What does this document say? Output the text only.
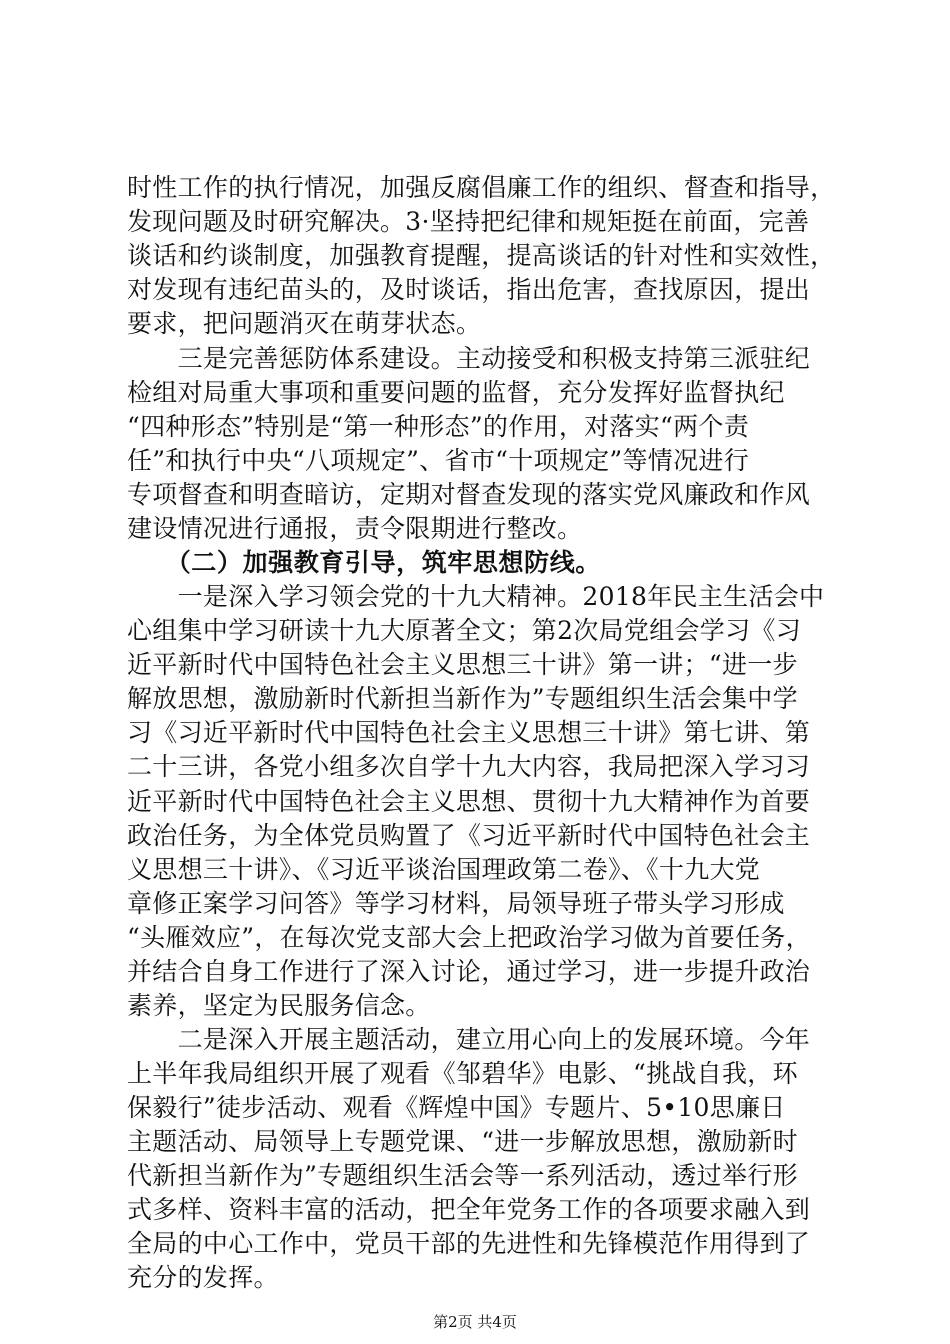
时性工作的执行情况，加强反腐倡廉工作的组织、督查和指导，
发现问题及时研究解决。3·坚持把纪律和规矩挺在前面，完善
谈话和约谈制度，加强教育提醒，提高谈话的针对性和实效性，
对发现有违纪苗头的，及时谈话，指出危害，查找原因，提出
要求，把问题消灭在萌芽状态。
　　三是完善惩防体系建设。主动接受和积极支持第三派驻纪
检组对局重大事项和重要问题的监督，充分发挥好监督执纪
“四种形态”特别是“第一种形态”的作用，对落实“两个责
任”和执行中央“八项规定”、省市“十项规定”等情况进行
专项督查和明查暗访，定期对督查发现的落实党风廉政和作风
建设情况进行通报，责令限期进行整改。
　　（二）加强教育引导，筑牢思想防线。
　　一是深入学习领会党的十九大精神。2018年民主生活会中
心组集中学习研读十九大原著全文；第2次局党组会学习《习
近平新时代中国特色社会主义思想三十讲》第一讲；“进一步
解放思想，激励新时代新担当新作为”专题组织生活会集中学
习《习近平新时代中国特色社会主义思想三十讲》第七讲、第
二十三讲，各党小组多次自学十九大内容，我局把深入学习习
近平新时代中国特色社会主义思想、贯彻十九大精神作为首要
政治任务，为全体党员购置了《习近平新时代中国特色社会主
义思想三十讲》、《习近平谈治国理政第二卷》、《十九大党
章修正案学习问答》等学习材料，局领导班子带头学习形成
“头雁效应”，在每次党支部大会上把政治学习做为首要任务，
并结合自身工作进行了深入讨论，通过学习，进一步提升政治
素养，坚定为民服务信念。
　　二是深入开展主题活动，建立用心向上的发展环境。今年
上半年我局组织开展了观看《邹碧华》电影、“挑战自我，环
保毅行”徒步活动、观看《辉煌中国》专题片、5•10思廉日
主题活动、局领导上专题党课、“进一步解放思想，激励新时
代新担当新作为”专题组织生活会等一系列活动，透过举行形
式多样、资料丰富的活动，把全年党务工作的各项要求融入到
全局的中心工作中，党员干部的先进性和先锋模范作用得到了
充分的发挥。
第2页 共4页
